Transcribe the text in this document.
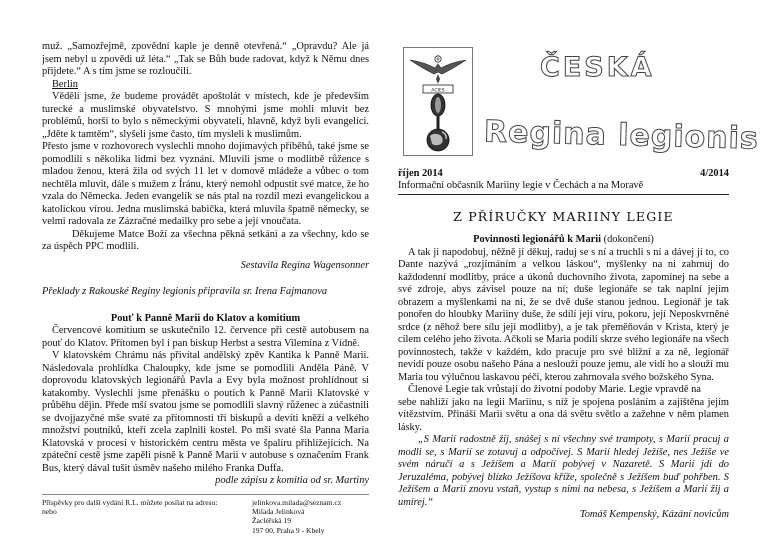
muž. „Samozřejmě, zpovědní kaple je denně otevřená.“ „Opravdu? Ale já jsem nebyl u zpovědi už léta.“ „Tak se Bůh bude radovat, když k Němu dnes přijdete.“ A s tím jsme se rozloučili.

Berlin

Věděli jsme, že budeme provádět apoštolát v místech, kde je především turecké a muslimské obyvatelstvo. S mnohými jsme mohli mluvit bez problémů, horší to bylo s německými obyvateli, hlavně, když byli evangelíci. „Jděte k tamtěm“, slyšeli jsme často, tím mysleli k muslimům.

Přesto jsme v rozhovorech vyslechli mnoho dojímavých příběhů, také jsme se pomodlili s několika lidmi bez vyznání. Mluvili jsme o modlitbě růžence s mladou ženou, která žila od svých 11 let v domově mládeže a vůbec o tom nechtěla mluvit, dále s mužem z Íránu, který nemohl odpustit své matce, že ho vzala do Německa. Jeden evangelík se nás ptal na rozdíl mezi evangelickou a katolickou vírou. Jedna muslimská babička, která mluvila špatně německy, se velmi radovala ze Zázračné medailky pro sebe a její vnoučata.

Děkujeme Matce Boží za všechna pěkná setkání a za všechny, kdo se za úspěch PPC modlili.

Sestavila Regina Wagensonner

Překlady z Rakouské Reginy legionis připravila sr. Irena Fajmanova

Pouť k Panně Marii do Klatov a komitium

Červencové komitium se uskutečnilo 12. července při cestě autobusem na pouť do Klatov. Přítomen byl i pan biskup Herbst a sestra Vilemína z Vídně.

V klatovském Chrámu nás přivítal andělský zpěv Kantika k Panně Marii. Následovala prohlídka Chaloupky, kde jsme se pomodlili Anděla Páně. V doprovodu klatovských legionářů Pavla a Evy byla možnost prohlídnout si katakomby. Vyslechli jsme přenášku o poutích k Panně Marii Klatovské v průběhu dějin. Přede mší svatou jsme se pomodlili slavný růženec a zúčastnili se dvojjazyčné mše svaté za přítomnosti tří biskupů a devíti kněží a velkého množství poutníků, kteří zcela zaplnili kostel. Po mši svaté šla Panna Maria Klatovská v procesí v historickém centru města ve špalíru přihlížejících. Na zpáteční cestě jsme zapěli písně k Panně Marii v autobuse s označením Frank Bus, který dával tušit úsměv našeho milého Franka Duffa.

podle zápisu z komitia od sr. Martiny

Příspěvky pro další vydání R.L. můžete posílat na adresu:
nebo
jelinkova.milada@seznam.cz
Milada Jelinková
Žacléřská 19
197 00, Praha 9 - Kbely
ACIES
ČESKÁ
Regina legionis
říjen 2014	4/2014
Informační občasník Mariiny legie v Čechách a na Moravě
Z PŘÍRUČKY MARIINY LEGIE

Povinnosti legionářů k Marii (dokončení)

A tak ji napodobuj, něžně jí děkuj, raduj se s ní a truchli s ní a dávej jí to, co Dante nazývá „rozjímáním a velkou láskou“, myšlenky na ni zahrnuj do každodenní modlitby, práce a úkonů duchovního života, zapomínej na sebe a své zdroje, abys závisel pouze na ní; duše legionáře se tak naplní jejím obrazem a myšlenkami na ni, že se dvě duše stanou jednou. Legionář je tak ponořen do hloubky Mariiny duše, že sdílí její víru, pokoru, její Neposkvrněné srdce (z něhož bere sílu její modlitby), a je tak přeměňován v Krista, který je cílem celého jeho života. Ačkoli se Maria podílí skrze svého legionáře na všech povinnostech, takže v každém, kdo pracuje pro své bližní a za ně, legionář nevidí pouze osobu našeho Pána a neslouží pouze jemu, ale vidí ho a slouží mu Maria tou výlučnou laskavou péčí, kterou zahrnovala svého božského Syna.

Členové Legie tak vrůstají do životní podoby Marie. Legie vpravdě na

sebe nahlíží jako na legii Mariinu, s níž je spojena posláním a zajištěna jejím vítězstvím. Přináší Marii světu a ona dá světu světlo a zažehne v něm plamen lásky.

„S Marií radostně žij, snášej s ní všechny své trampoty, s Marií pracuj a modli se, s Marií se zotavuj a odpočívej. S Marií hledej Ježíše, nes Ježíše ve svém náručí a s Ježíšem a Marií pobývej v Nazaretě. S Marií jdi do Jeruzaléma, pobývej blízko Ježíšova kříže, společně s Ježíšem buď pohřben. S Ježíšem a Marií znovu vstaň, vystup s nimi na nebesa, s Ježíšem a Marií žij a umírej.“

Tomáš Kempenský, Kázání novicům
